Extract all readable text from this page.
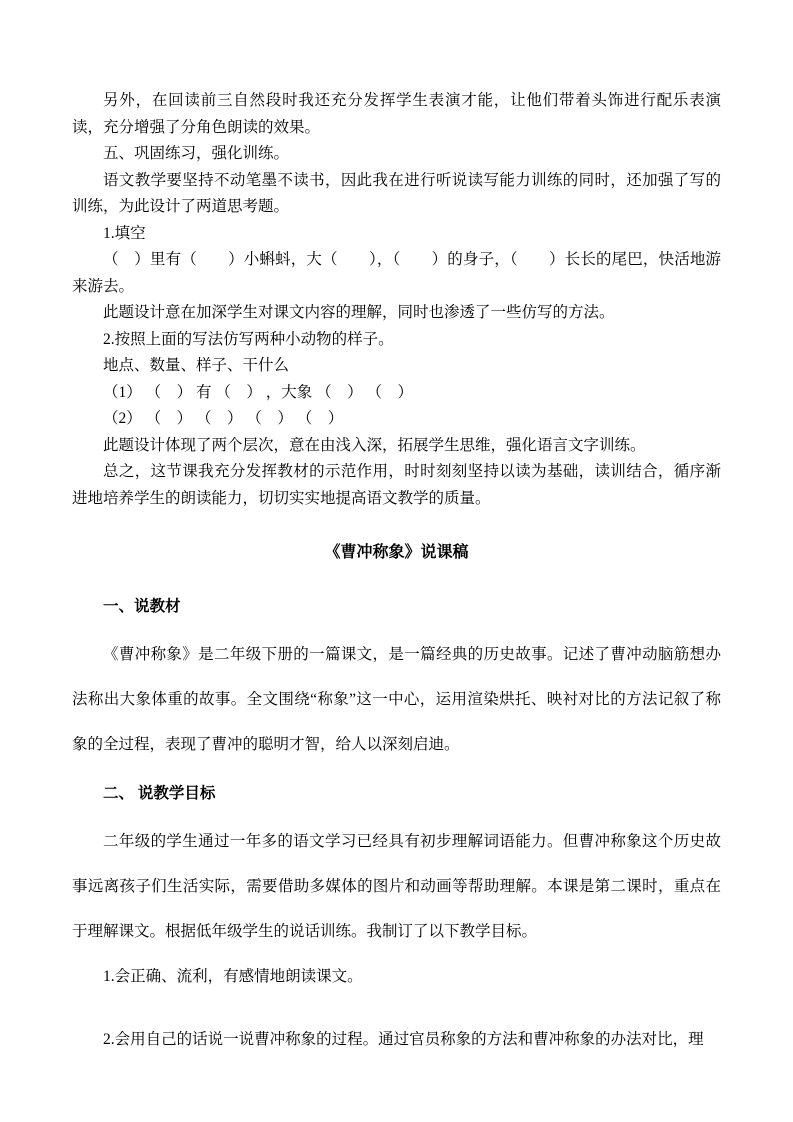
另外，在回读前三自然段时我还充分发挥学生表演才能，让他们带着头饰进行配乐表演读，充分增强了分角色朗读的效果。

五、巩固练习，强化训练。

语文教学要坚持不动笔墨不读书，因此我在进行听说读写能力训练的同时，还加强了写的训练，为此设计了两道思考题。

1.填空

（　）里有（　　）小蝌蚪，大（　　），（　　）的身子，（　　）长长的尾巴，快活地游来游去。

此题设计意在加深学生对课文内容的理解，同时也渗透了一些仿写的方法。

2.按照上面的写法仿写两种小动物的样子。

地点、数量、样子、干什么

（1） （　） 有 （　） ，大象 （　） （　）

（2） （　） （　） （　） （　）

此题设计体现了两个层次，意在由浅入深，拓展学生思维，强化语言文字训练。

总之，这节课我充分发挥教材的示范作用，时时刻刻坚持以读为基础，读训结合，循序渐进地培养学生的朗读能力，切切实实地提高语文教学的质量。

《曹冲称象》说课稿
一、说教材

《曹冲称象》是二年级下册的一篇课文，是一篇经典的历史故事。记述了曹冲动脑筋想办法称出大象体重的故事。全文围绕“称象”这一中心，运用渲染烘托、映衬对比的方法记叙了称象的全过程，表现了曹冲的聪明才智，给人以深刻启迪。

二、 说教学目标

二年级的学生通过一年多的语文学习已经具有初步理解词语能力。但曹冲称象这个历史故事远离孩子们生活实际，需要借助多媒体的图片和动画等帮助理解。本课是第二课时，重点在于理解课文。根据低年级学生的说话训练。我制订了以下教学目标。

1.会正确、流利，有感情地朗读课文。

2.会用自己的话说一说曹冲称象的过程。通过官员称象的方法和曹冲称象的办法对比，理
